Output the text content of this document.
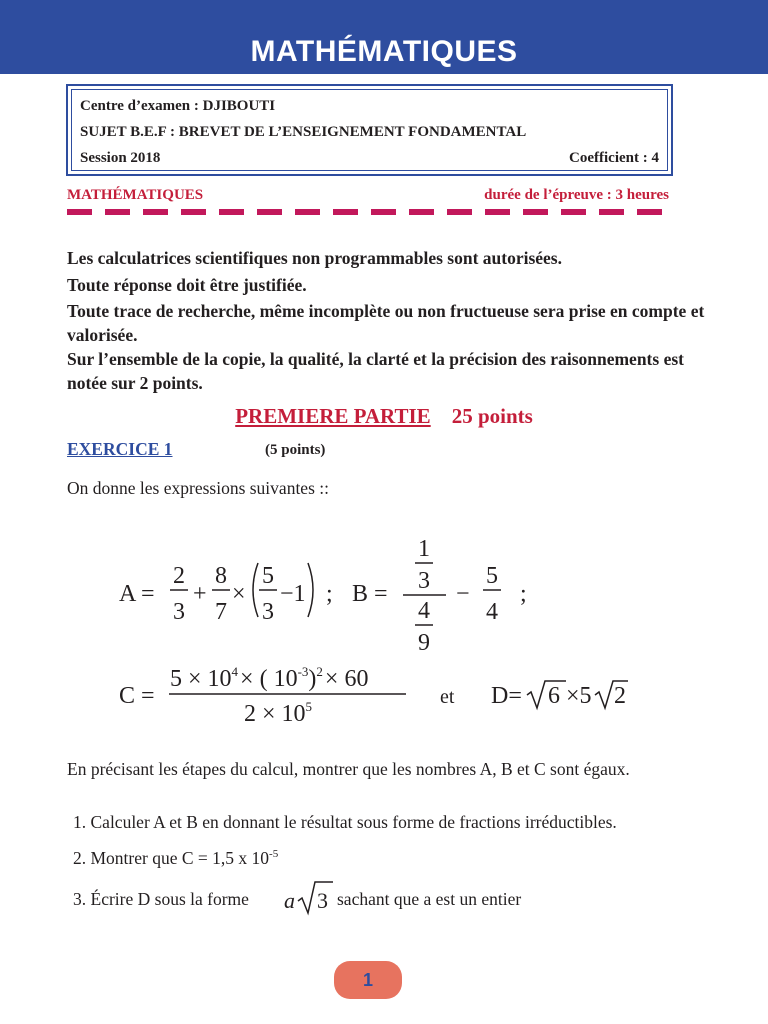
MATHÉMATIQUES
Centre d’examen : DJIBOUTI
SUJET B.E.F : BREVET DE L’ENSEIGNEMENT FONDAMENTAL
Session 2018	Coefficient : 4
MATHÉMATIQUES	durée de l’épreuve : 3 heures
Les calculatrices scientifiques non programmables sont autorisées.
Toute réponse doit être justifiée.
Toute trace de recherche, même incomplète ou non fructueuse sera prise en compte et valorisée.
Sur l’ensemble de la copie, la qualité, la clarté et la précision des raisonnements est notée sur 2 points.
PREMIERE PARTIE 25 points
EXERCICE 1	(5 points)
On donne les expressions suivantes ::
A =
2
3
+
8
7
×
5
3
−1 ; B =
1
3
4
9
−
5
4
;
C =
$5 \times 10^4\times$ ( $10^{-3})^2\times 60$
$2 \times 10^5$	et D= 6 ×5 2
a 3
En précisant les étapes du calcul, montrer que les nombres A, B et C sont égaux.
1. Calculer A et B en donnant le résultat sous forme de fractions irréductibles.
2. Montrer que C = 1,5 x $10^{-5}$
3. Écrire D sous la forme	sachant que a est un entier
1
